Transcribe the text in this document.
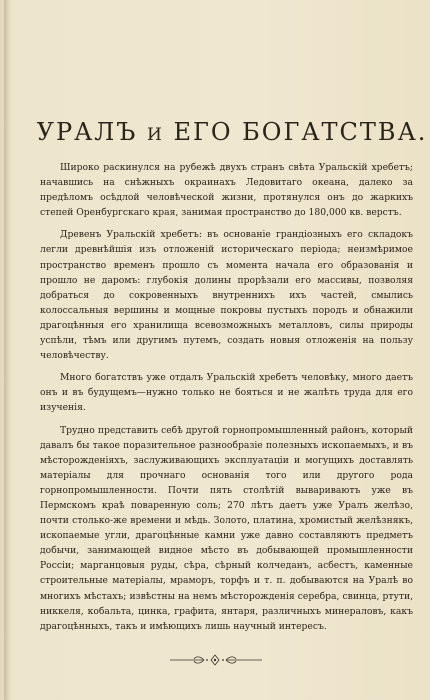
УРАЛЪ и ЕГО БОГАТСТВА.

Широко раскинулся на рубежѣ двухъ странъ свѣта Уральскій хребетъ; начавшись на снѣжныхъ окраинахъ Ледовитаго океана, далеко за предѣломъ осѣдлой человѣческой жизни, протянулся онъ до жаркихъ степей Оренбургскаго края, занимая пространство до 180,000 кв. верстъ.

Древенъ Уральскій хребетъ: въ основаніе грандіозныхъ его складокъ легли древнѣйшія изъ отложеній историческаго періода; неизмѣримое пространство временъ прошло съ момента начала его образованія и прошло не даромъ: глубокія долины прорѣзали его массивы, позволяя добраться до сокровенныхъ внутреннихъ ихъ частей, смылись колоссальныя вершины и мощные покровы пустыхъ породъ и обнажили драгоцѣнныя его хранилища всевозможныхъ металловъ, силы природы успѣли, тѣмъ или другимъ путемъ, создать новыя отложенія на пользу человѣчеству.

Много богатствъ уже отдалъ Уральскій хребетъ человѣку, много даетъ онъ и въ будущемъ—нужно только не бояться и не жалѣть труда для его изученія.

Трудно представить себѣ другой горнопромышленный районъ, который давалъ бы такое поразительное разнообразіе полезныхъ ископаемыхъ, и въ мѣсторожденіяхъ, заслуживающихъ эксплуатаціи и могущихъ доставлять матеріалы для прочнаго основанія того или другого рода горнопромышленности. Почти пять столѣтій вывариваютъ уже въ Пермскомъ краѣ поваренную соль; 270 лѣтъ даетъ уже Уралъ желѣзо, почти столько-же времени и мѣдь. Золото, платина, хромистый желѣзнякъ, ископаемые угли, драгоцѣнные камни уже давно составляютъ предметъ добычи, занимающей видное мѣсто въ добывающей промышленности Россіи; марганцовыя руды, сѣра, сѣрный колчеданъ, асбестъ, каменные строительные матеріалы, мраморъ, торфъ и т. п. добываются на Уралѣ во многихъ мѣстахъ; извѣстны на немъ мѣсторожденія серебра, свинца, ртути, никкеля, кобальта, цинка, графита, янтаря, различныхъ минераловъ, какъ драгоцѣнныхъ, такъ и имѣющихъ лишь научный интересъ.
